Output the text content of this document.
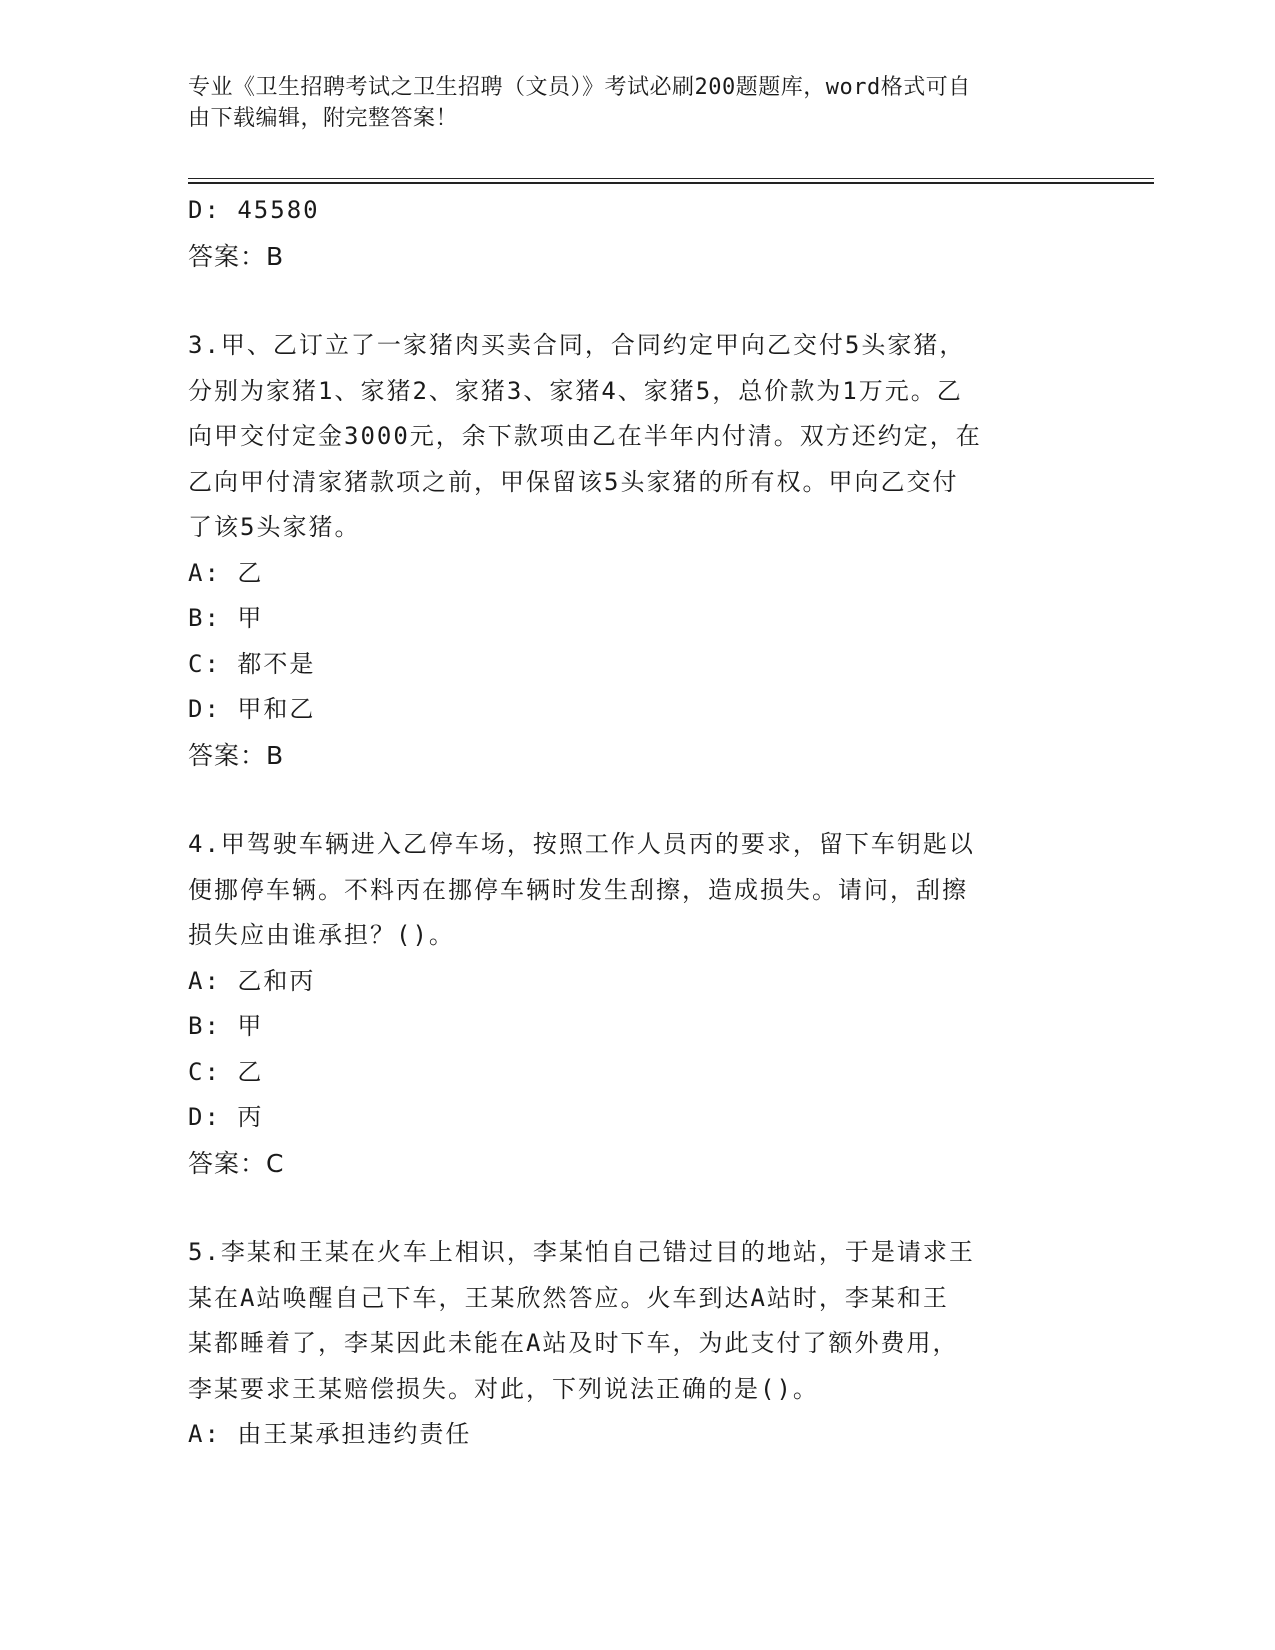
专业《卫生招聘考试之卫生招聘（文员）》考试必刷200题题库，word格式可自
由下载编辑，附完整答案！
D: 45580
答案：B
3.甲、乙订立了一家猪肉买卖合同，合同约定甲向乙交付5头家猪，
分别为家猪1、家猪2、家猪3、家猪4、家猪5，总价款为1万元。乙
向甲交付定金3000元，余下款项由乙在半年内付清。双方还约定，在
乙向甲付清家猪款项之前，甲保留该5头家猪的所有权。甲向乙交付
了该5头家猪。
A: 乙
B: 甲
C: 都不是
D: 甲和乙
答案：B
4.甲驾驶车辆进入乙停车场，按照工作人员丙的要求，留下车钥匙以
便挪停车辆。不料丙在挪停车辆时发生刮擦，造成损失。请问，刮擦
损失应由谁承担？()。
A: 乙和丙
B: 甲
C: 乙
D: 丙
答案：C
5.李某和王某在火车上相识，李某怕自己错过目的地站，于是请求王
某在A站唤醒自己下车，王某欣然答应。火车到达A站时，李某和王
某都睡着了，李某因此未能在A站及时下车，为此支付了额外费用，
李某要求王某赔偿损失。对此，下列说法正确的是()。
A: 由王某承担违约责任
